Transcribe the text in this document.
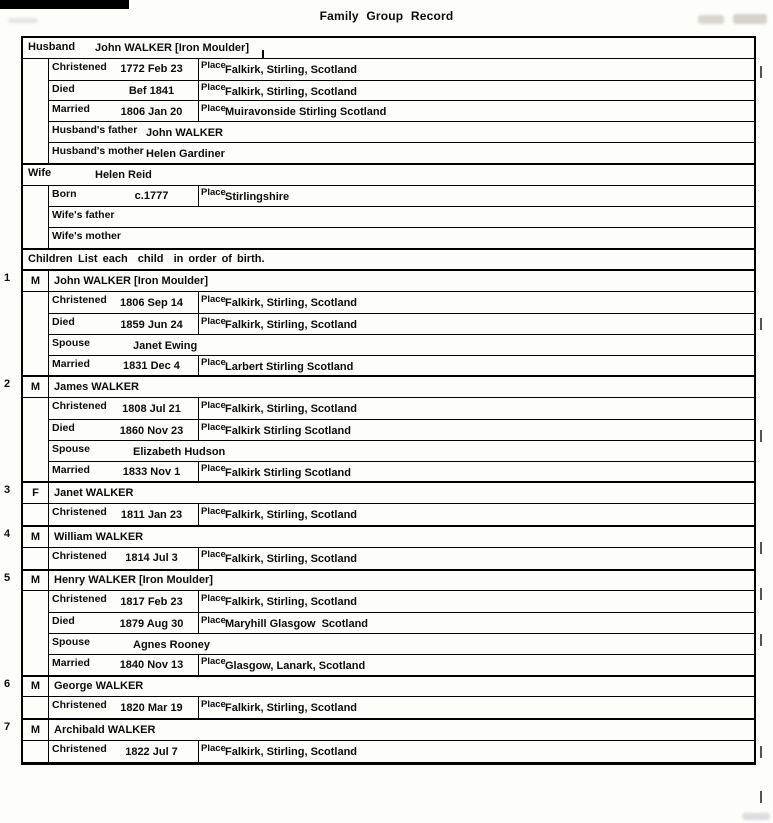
Family Group Record
Husband John WALKER [Iron Moulder]
Christened	1772 Feb 23	Place Falkirk, Stirling, Scotland
Died	Bef 1841	Place Falkirk, Stirling, Scotland
Married	1806 Jan 20	Place Muiravonside Stirling Scotland
Husband's father John WALKER
Husband's mother Helen Gardiner
Wife	Helen Reid
Born	c.1777	Place Stirlingshire
Wife's father
Wife's mother
Children List each  child  in order of birth.
1	M	John WALKER [Iron Moulder]
Christened	1806 Sep 14	Place Falkirk, Stirling, Scotland
Died	1859 Jun 24	Place Falkirk, Stirling, Scotland
Spouse	Janet Ewing
Married	1831 Dec 4	Place Larbert Stirling Scotland
2	M	James WALKER
Christened	1808 Jul 21	Place Falkirk, Stirling, Scotland
Died	1860 Nov 23	Place Falkirk Stirling Scotland
Spouse	Elizabeth Hudson
Married	1833 Nov 1	Place Falkirk Stirling Scotland
3	F	Janet WALKER
Christened	1811 Jan 23	Place Falkirk, Stirling, Scotland
4	M	William WALKER
Christened	1814 Jul 3	Place Falkirk, Stirling, Scotland
5	M	Henry WALKER [Iron Moulder]
Christened	1817 Feb 23	Place Falkirk, Stirling, Scotland
Died	1879 Aug 30	Place Maryhill Glasgow  Scotland
Spouse	Agnes Rooney
Married	1840 Nov 13	Place Glasgow, Lanark, Scotland
6	M	George WALKER
Christened	1820 Mar 19	Place Falkirk, Stirling, Scotland
7	M	Archibald WALKER
Christened	1822 Jul 7	Place Falkirk, Stirling, Scotland
